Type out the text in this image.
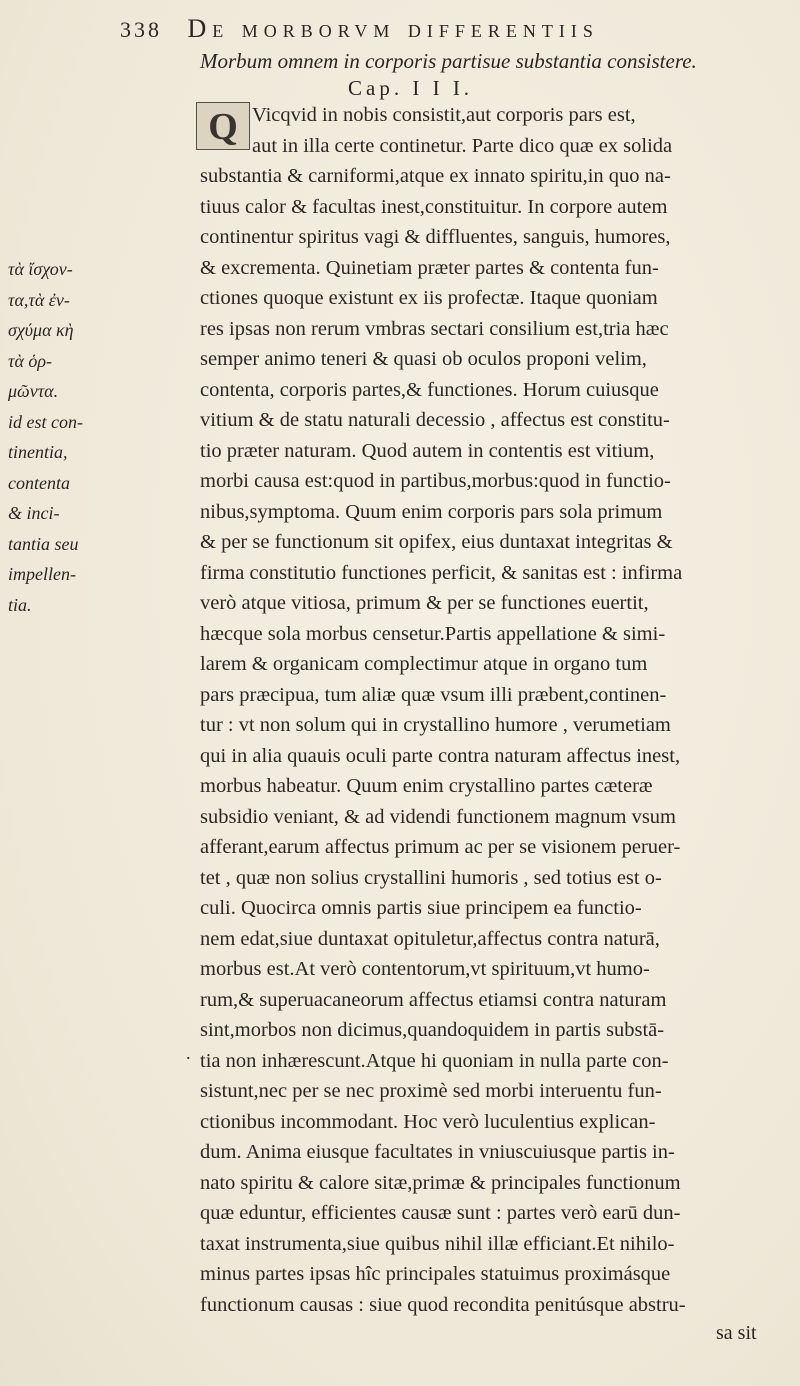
338 De morborvm differentiis
Morbum omnem in corporis partisue substantia consistere.
Cap. I I I.
Q Vicqvid in nobis consistit,aut corporis pars est,
aut in illa certe continetur. Parte dico quæ ex solida
substantia & carniformi,atque ex innato spiritu,in quo na-
tiuus calor & facultas inest,constituitur. In corpore autem
continentur spiritus vagi & diffluentes, sanguis, humores,
& excrementa. Quinetiam præter partes & contenta fun-
ctiones quoque existunt ex iis profectæ. Itaque quoniam
res ipsas non rerum vmbras sectari consilium est,tria hæc
semper animo teneri & quasi ob oculos proponi velim,
contenta, corporis partes,& functiones. Horum cuiusque
vitium & de statu naturali decessio , affectus est constitu-
tio præter naturam. Quod autem in contentis est vitium,
morbi causa est:quod in partibus,morbus:quod in functio-
nibus,symptoma. Quum enim corporis pars sola primum
& per se functionum sit opifex, eius duntaxat integritas &
firma constitutio functiones perficit, & sanitas est : infirma
verò atque vitiosa, primum & per se functiones euertit,
hæcque sola morbus censetur.Partis appellatione & simi-
larem & organicam complectimur atque in organo tum
pars præcipua, tum aliæ quæ vsum illi præbent,continen-
tur : vt non solum qui in crystallino humore , verumetiam
qui in alia quauis oculi parte contra naturam affectus inest,
morbus habeatur. Quum enim crystallino partes cæteræ
subsidio veniant, & ad videndi functionem magnum vsum
afferant,earum affectus primum ac per se visionem peruer-
tet , quæ non solius crystallini humoris , sed totius est o-
culi. Quocirca omnis partis siue principem ea functio-
nem edat,siue duntaxat opituletur,affectus contra naturā,
morbus est.At verò contentorum,vt spirituum,vt humo-
rum,& superuacaneorum affectus etiamsi contra naturam
sint,morbos non dicimus,quandoquidem in partis substā-
tia non inhærescunt.Atque hi quoniam in nulla parte con-
sistunt,nec per se nec proximè sed morbi interuentu fun-
ctionibus incommodant. Hoc verò luculentius explican-
dum. Anima eiusque facultates in vniuscuiusque partis in-
nato spiritu & calore sitæ,primæ & principales functionum
quæ eduntur, efficientes causæ sunt : partes verò earū dun-
taxat instrumenta,siue quibus nihil illæ efficiant.Et nihilo-
minus partes ipsas hîc principales statuimus proximásque
functionum causas : siue quod recondita penitúsque abstru-
τὰ ἴσχον-
τα,τὰ ἐν-
σχύμα κὴ
τὰ ὁρ-
μῶντα.
id est con-
tinentia,
contenta
& inci-
tantia seu
impellen-
tia.
.
sa sit
